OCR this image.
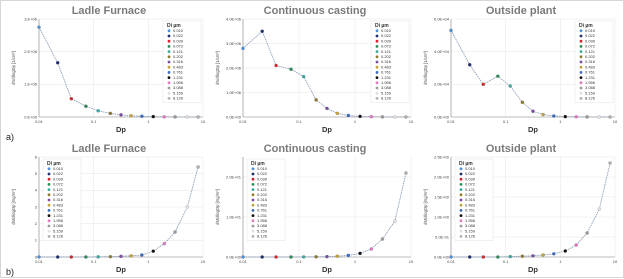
a)
b)
Ladle Furnace
0.E+00
1.E+06
2.E+06
3.E+06
0.01	0.1	1	10
Dp
dN/dlogDp [1/cm³]
Di µm
0.010
0.022
0.039
0.072
0.121
0.202
0.316
0.483
0.761
1.231
1.956
3.088
5.159
8.126
Continuous casting
0.0E+00
1.0E+06
2.0E+06
3.0E+06
4.0E+06
0.01	0.1	1	10
Dp
dN/dlogDp [1/cm³]
Di µm
0.010
0.022
0.039
0.072
0.121
0.202
0.316
0.483
0.761
1.231
1.956
3.088
5.159
8.126
Outside plant
0.0E+00
2.0E+04
4.0E+04
6.0E+04
0.01	0.1	1	10
Dp
dN/dlogDp [1/cm³]
Di µm
0.010
0.022
0.039
0.072
0.121
0.202
0.316
0.483
0.761
1.231
1.956
3.088
5.159
8.126
Ladle Furnace
0
1
2
3
4
5
6
0.01	0.1	1	10
Dp
dM/dlogDp [mg/m³]
Di µm
0.010
0.022
0.039
0.072
0.121
0.202
0.316
0.483
0.761
1.231
1.956
3.088
5.159
8.126
Continuous casting
0.0E+00
1.0E+01
2.0E+01
0.01	0.1	1	10
Dp
dM/dlogDp [mg/m³]
Di µm
0.010
0.022
0.039
0.072
0.121
0.202
0.316
0.483
0.761
1.231
1.956
3.088
5.159
8.126
Outside plant
0.0E+00
5.0E-01
1.0E+00
1.5E+00
2.0E+00
2.5E+00
0.01	0.1	1	10
Dp
dM/dlogDp [mg/m³]
Di µm
0.010
0.022
0.039
0.072
0.121
0.202
0.316
0.483
0.761
1.231
1.956
3.088
5.159
8.126
